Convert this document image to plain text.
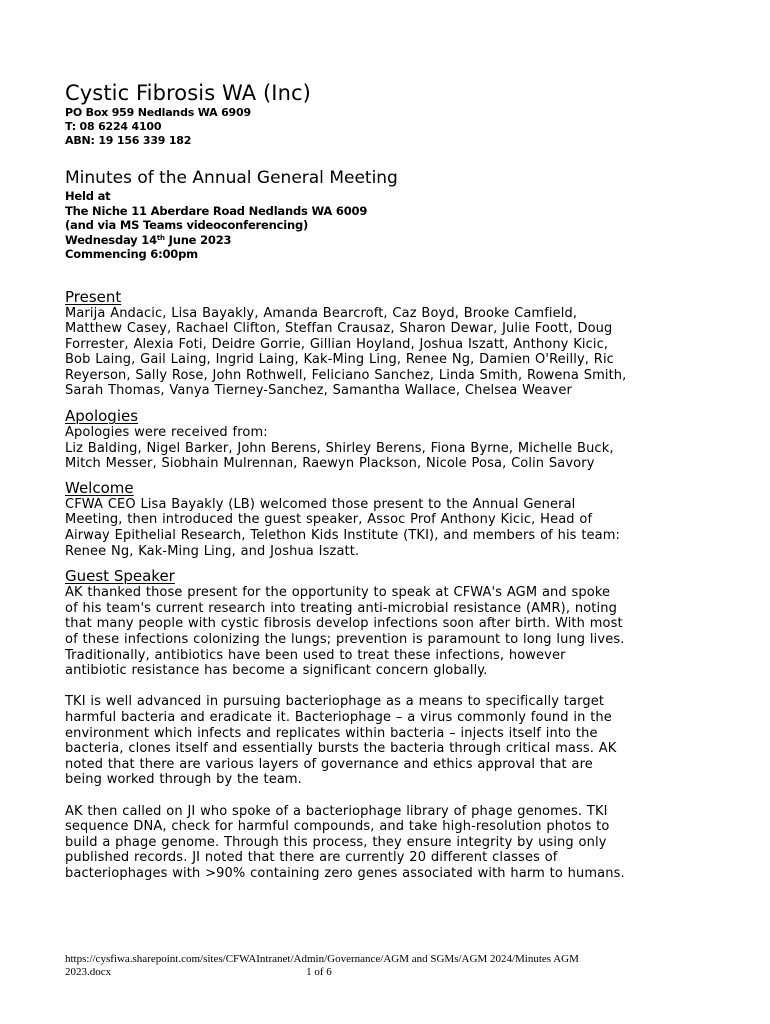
Cystic Fibrosis WA (Inc)
PO Box 959 Nedlands WA 6909
T: 08 6224 4100
ABN: 19 156 339 182
Minutes of the Annual General Meeting
Held at
The Niche 11 Aberdare Road Nedlands WA 6009
(and via MS Teams videoconferencing)
Wednesday 14th June 2023
Commencing 6:00pm
Present

Marija Andacic, Lisa Bayakly, Amanda Bearcroft, Caz Boyd, Brooke Camfield,
Matthew Casey, Rachael Clifton, Steffan Crausaz, Sharon Dewar, Julie Foott, Doug
Forrester, Alexia Foti, Deidre Gorrie, Gillian Hoyland, Joshua Iszatt, Anthony Kicic,
Bob Laing, Gail Laing, Ingrid Laing, Kak-Ming Ling, Renee Ng, Damien O'Reilly, Ric
Reyerson, Sally Rose, John Rothwell, Feliciano Sanchez, Linda Smith, Rowena Smith,
Sarah Thomas, Vanya Tierney-Sanchez, Samantha Wallace, Chelsea Weaver

Apologies

Apologies were received from:
Liz Balding, Nigel Barker, John Berens, Shirley Berens, Fiona Byrne, Michelle Buck,
Mitch Messer, Siobhain Mulrennan, Raewyn Plackson, Nicole Posa, Colin Savory

Welcome

CFWA CEO Lisa Bayakly (LB) welcomed those present to the Annual General
Meeting, then introduced the guest speaker, Assoc Prof Anthony Kicic, Head of
Airway Epithelial Research, Telethon Kids Institute (TKI), and members of his team:
Renee Ng, Kak-Ming Ling, and Joshua Iszatt.

Guest Speaker

AK thanked those present for the opportunity to speak at CFWA's AGM and spoke
of his team's current research into treating anti-microbial resistance (AMR), noting
that many people with cystic fibrosis develop infections soon after birth. With most
of these infections colonizing the lungs; prevention is paramount to long lung lives.
Traditionally, antibiotics have been used to treat these infections, however
antibiotic resistance has become a significant concern globally.

TKI is well advanced in pursuing bacteriophage as a means to specifically target
harmful bacteria and eradicate it. Bacteriophage – a virus commonly found in the
environment which infects and replicates within bacteria – injects itself into the
bacteria, clones itself and essentially bursts the bacteria through critical mass. AK
noted that there are various layers of governance and ethics approval that are
being worked through by the team.

AK then called on JI who spoke of a bacteriophage library of phage genomes. TKI
sequence DNA, check for harmful compounds, and take high-resolution photos to
build a phage genome. Through this process, they ensure integrity by using only
published records. JI noted that there are currently 20 different classes of
bacteriophages with >90% containing zero genes associated with harm to humans.

https://cysfiwa.sharepoint.com/sites/CFWAIntranet/Admin/Governance/AGM and SGMs/AGM 2024/Minutes AGM
2023.docx	1 of 6
